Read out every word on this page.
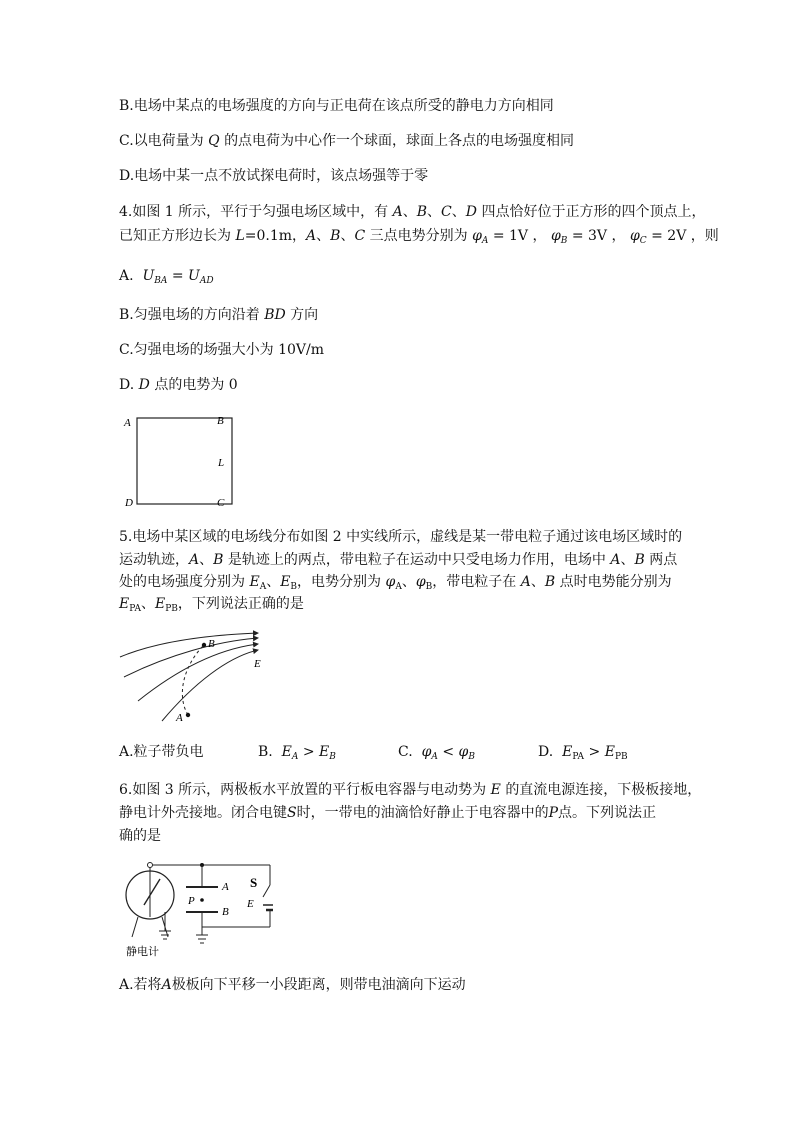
B.电场中某点的电场强度的方向与正电荷在该点所受的静电力方向相同
C.以电荷量为 Q 的点电荷为中心作一个球面，球面上各点的电场强度相同
D.电场中某一点不放试探电荷时，该点场强等于零
4.如图 1 所示，平行于匀强电场区域中，有 A、B、C、D 四点恰好位于正方形的四个顶点上，
已知正方形边长为 L=0.1m，A、B、C 三点电势分别为 $\varphi_A = 1V$ ， $\varphi_B = 3V$ ， $\varphi_C = 2V$ ，则
A. $U_{BA} = U_{AD}$
B.匀强电场的方向沿着 BD 方向
C.匀强电场的场强大小为 10V/m
D. D 点的电势为 0
A	B
L
D	C
5.电场中某区域的电场线分布如图 2 中实线所示，虚线是某一带电粒子通过该电场区域时的
运动轨迹，A、B 是轨迹上的两点，带电粒子在运动中只受电场力作用，电场中 A、B 两点
处的电场强度分别为 $E_A$、$E_B$，电势分别为 $\varphi_A$、$\varphi_B$，带电粒子在 A、B 点时电势能分别为
$E_{PA}$、$E_{PB}$，下列说法正确的是
B
A
E
A.粒子带负电	B. $E_A > E_B$	C. $\varphi_A < \varphi_B$	D. $E_{PA} > E_{PB}$
6.如图 3 所示，两极板水平放置的平行板电容器与电动势为 E 的直流电源连接，下极板接地，
静电计外壳接地。闭合电键S时，一带电的油滴恰好静止于电容器中的P点。下列说法正
确的是
A
B
P
S
E
静电计
A.若将A极板向下平移一小段距离，则带电油滴向下运动
